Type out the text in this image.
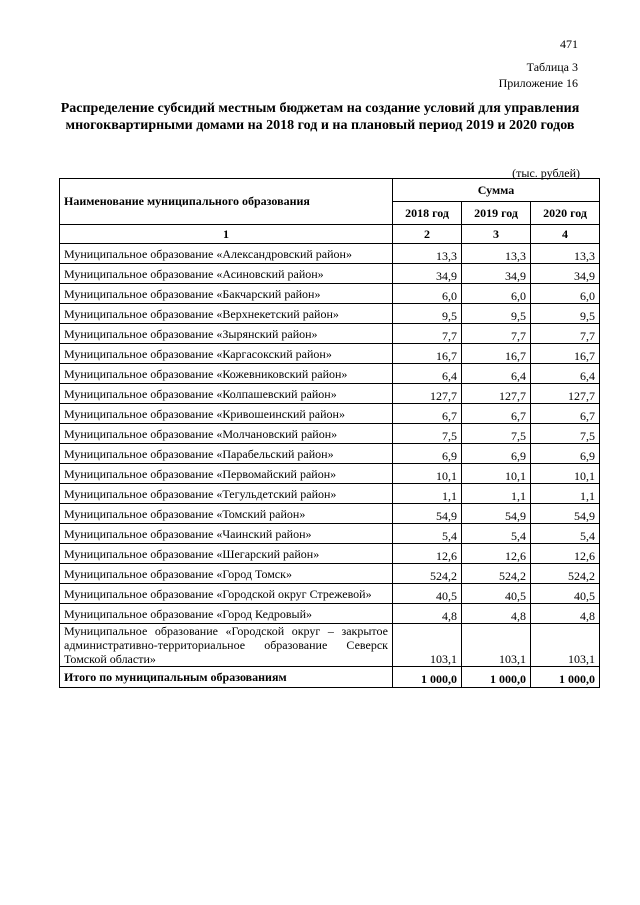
471
Таблица 3
Приложение 16
Распределение субсидий местным бюджетам на создание условий для управления многоквартирными домами на 2018 год и на плановый период 2019 и 2020 годов
(тыс. рублей)
Наименование муниципального образования	Сумма		
	2018 год	2019 год	2020 год
1	2	3	4
Муниципальное образование «Александровский район»	13,3	13,3	13,3
Муниципальное образование «Асиновский район»	34,9	34,9	34,9
Муниципальное образование «Бакчарский район»	6,0	6,0	6,0
Муниципальное образование «Верхнекетский район»	9,5	9,5	9,5
Муниципальное образование «Зырянский район»	7,7	7,7	7,7
Муниципальное образование «Каргасокский район»	16,7	16,7	16,7
Муниципальное образование «Кожевниковский район»	6,4	6,4	6,4
Муниципальное образование «Колпашевский район»	127,7	127,7	127,7
Муниципальное образование «Кривошеинский район»	6,7	6,7	6,7
Муниципальное образование «Молчановский район»	7,5	7,5	7,5
Муниципальное образование «Парабельский район»	6,9	6,9	6,9
Муниципальное образование «Первомайский район»	10,1	10,1	10,1
Муниципальное образование «Тегульдетский район»	1,1	1,1	1,1
Муниципальное образование «Томский район»	54,9	54,9	54,9
Муниципальное образование «Чаинский район»	5,4	5,4	5,4
Муниципальное образование «Шегарский район»	12,6	12,6	12,6
Муниципальное образование «Город Томск»	524,2	524,2	524,2
Муниципальное образование «Городской округ Стрежевой»	40,5	40,5	40,5
Муниципальное образование «Город Кедровый»	4,8	4,8	4,8
Муниципальное образование «Городской округ – закрытое административно-территориальное образование Северск Томской области»	103,1	103,1	103,1
Итого по муниципальным образованиям	1 000,0	1 000,0	1 000,0
